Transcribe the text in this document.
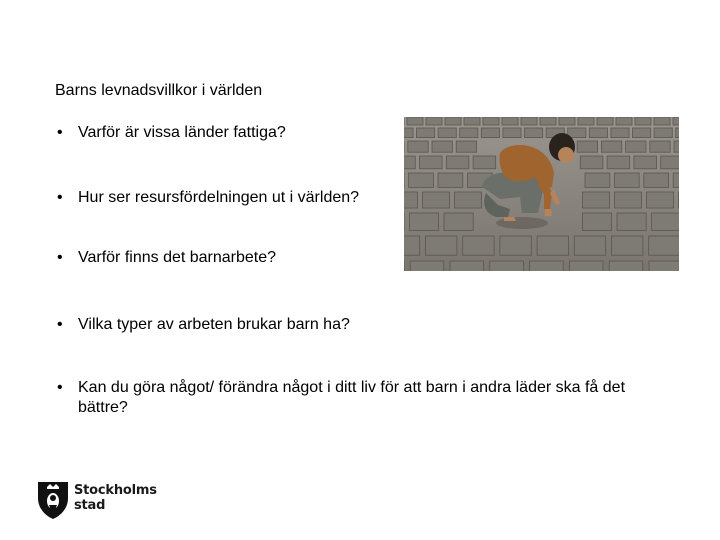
Barns levnadsvillkor i världen
• Varför är vissa länder fattiga?
• Hur ser resursfördelningen ut i världen?
• Varför finns det barnarbete?
• Vilka typer av arbeten brukar barn ha?
• Kan du göra något/ förändra något i ditt liv för att barn i andra läder ska få det bättre?
Stockholms
stad
